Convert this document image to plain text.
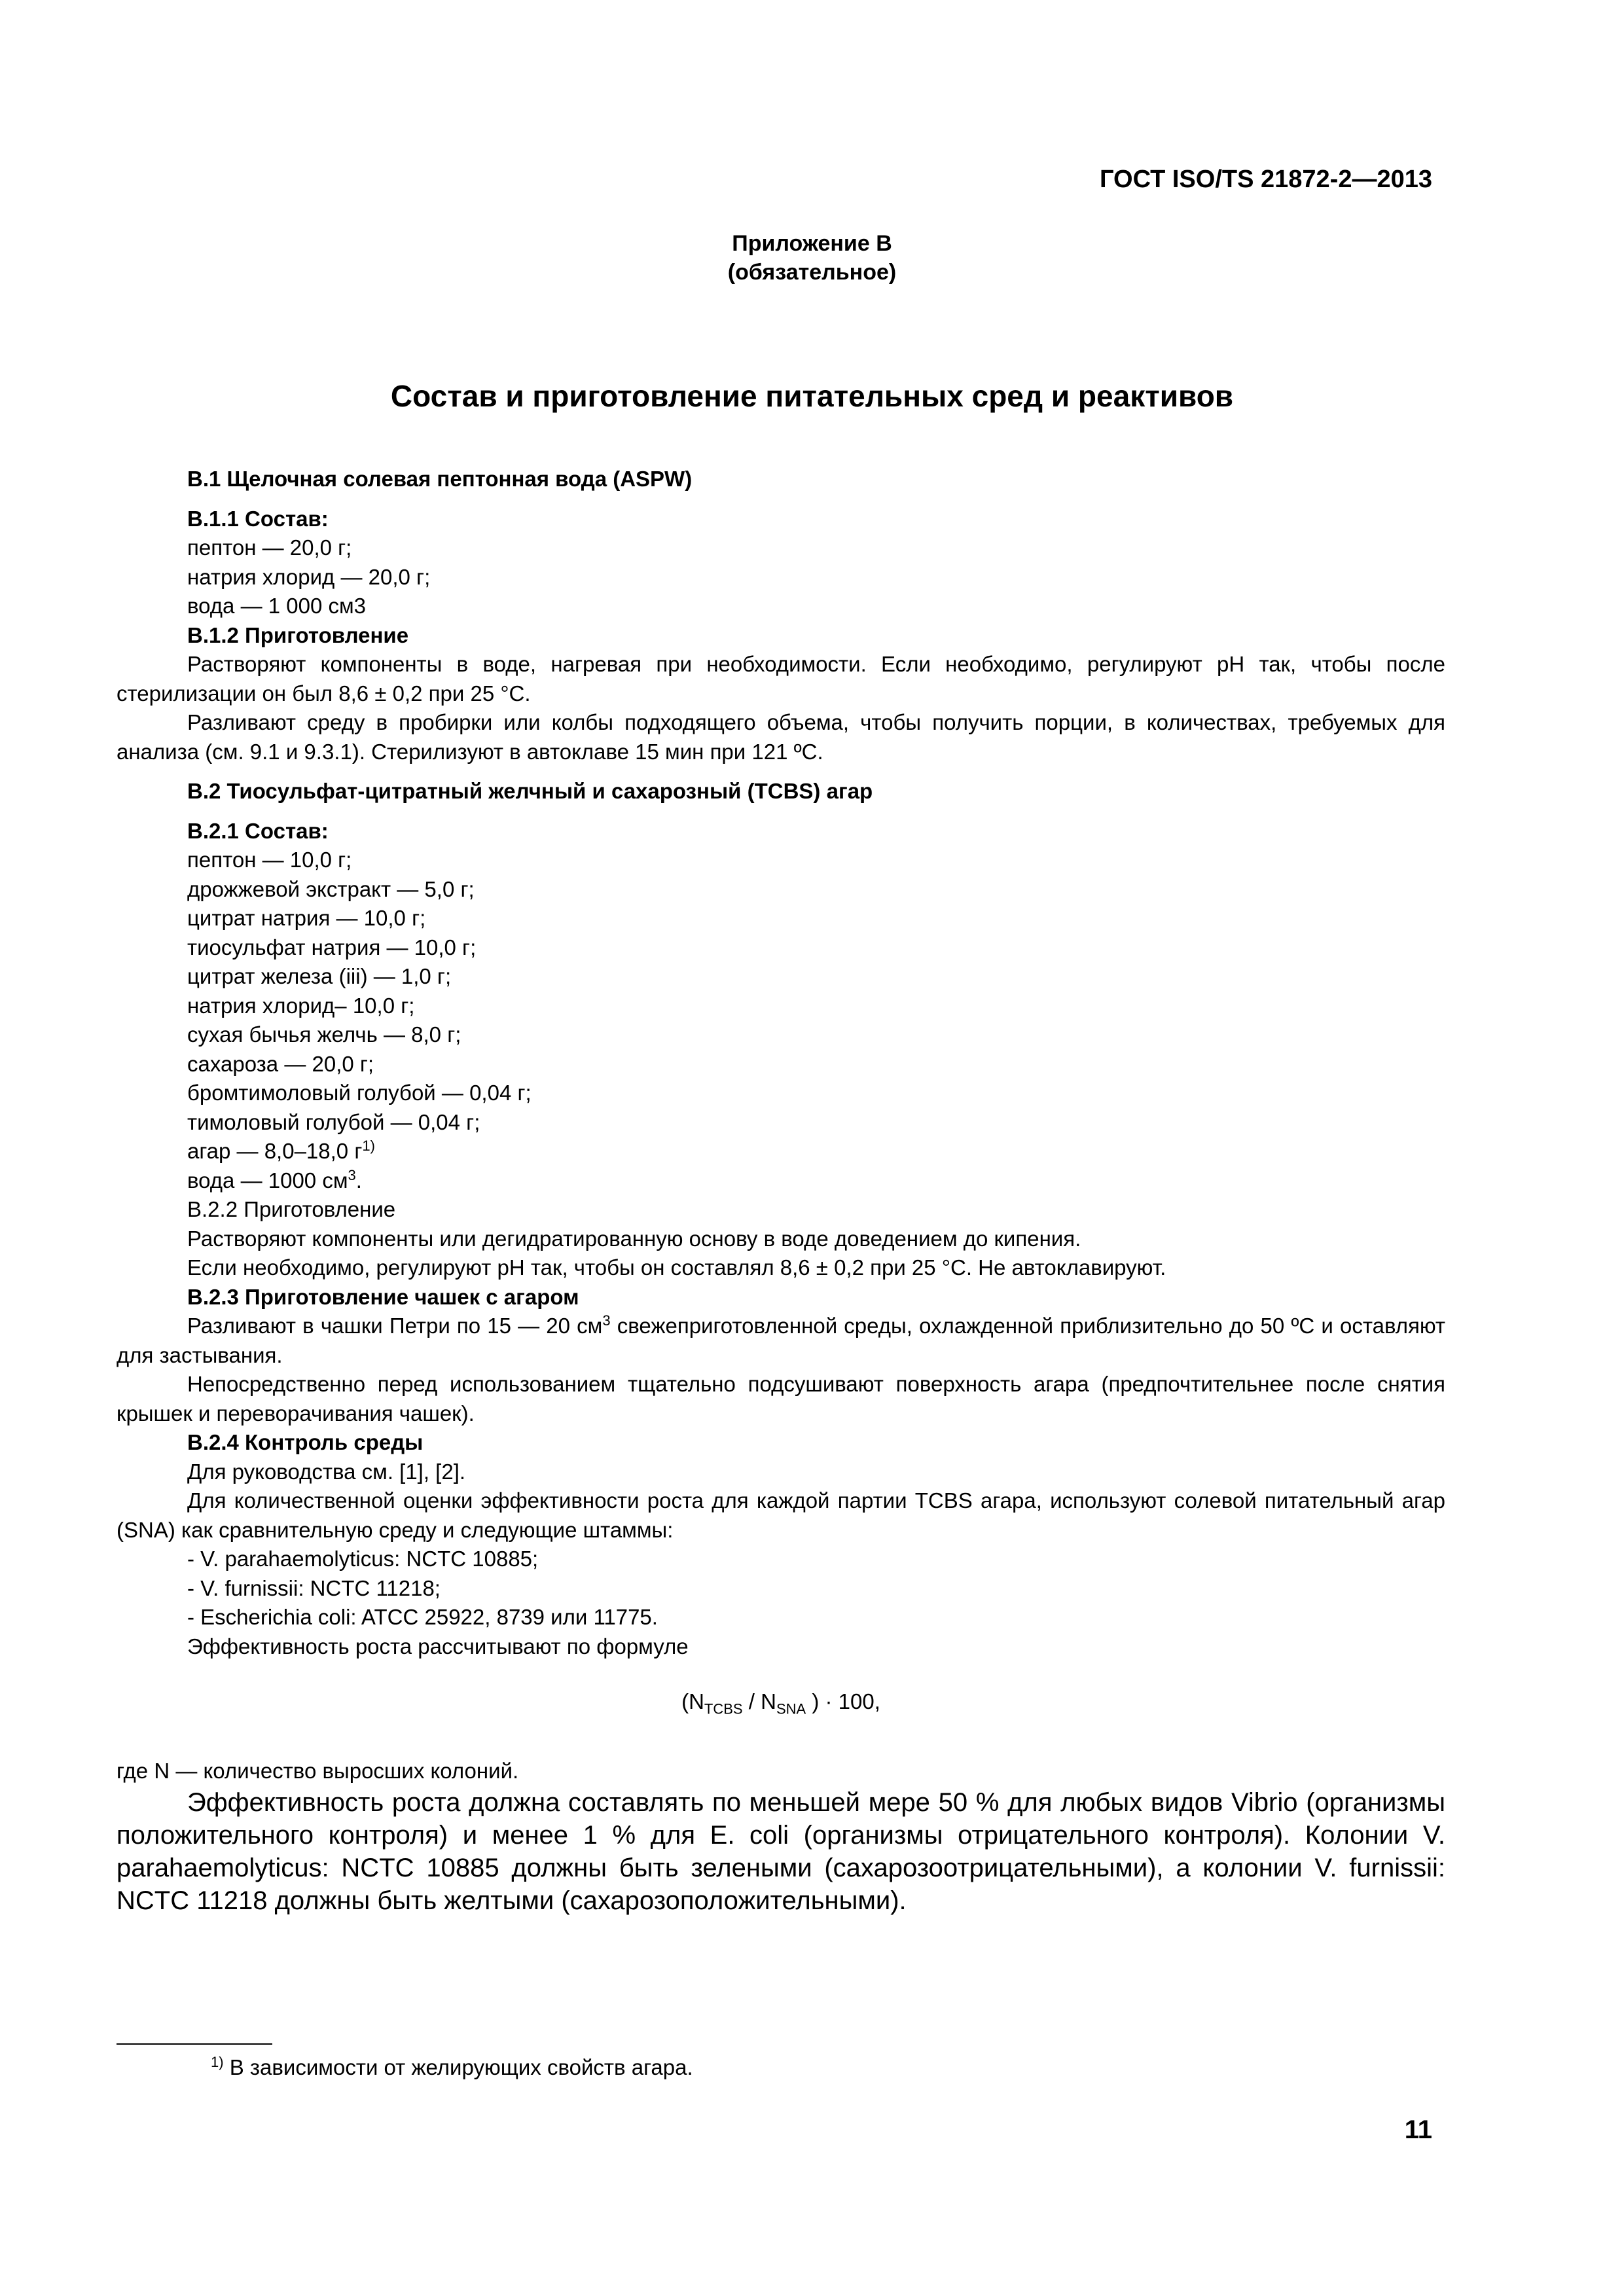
ГОСТ ISO/TS 21872-2—2013
Приложение В
(обязательное)
Состав и приготовление питательных сред и реактивов

В.1 Щелочная солевая пептонная вода (ASPW)

В.1.1 Состав:

пептон — 20,0 г;

натрия хлорид — 20,0 г;

вода — 1 000 см3

В.1.2 Приготовление

Растворяют компоненты в воде, нагревая при необходимости. Если необходимо, регулируют pH так, чтобы после стерилизации он был 8,6 ± 0,2 при 25 °C.

Разливают среду в пробирки или колбы подходящего объема, чтобы получить порции, в количествах, требуемых для анализа (см. 9.1 и 9.3.1). Стерилизуют в автоклаве 15 мин при 121 ºС.

В.2 Тиосульфат-цитратный желчный и сахарозный (TCBS) агар

В.2.1 Состав:

пептон — 10,0 г;

дрожжевой экстракт — 5,0 г;

цитрат натрия — 10,0 г;

тиосульфат натрия — 10,0 г;

цитрат железа (iii) — 1,0 г;

натрия хлорид– 10,0 г;

сухая бычья желчь — 8,0 г;

сахароза — 20,0 г;

бромтимоловый голубой — 0,04 г;

тимоловый голубой — 0,04 г;

агар — 8,0–18,0 $г^{1)}$

вода — 1000 $см^3$.

В.2.2 Приготовление

Растворяют компоненты или дегидратированную основу в воде доведением до кипения.

Если необходимо, регулируют pH так, чтобы он составлял 8,6 ± 0,2 при 25 °С. Не автоклавируют.

В.2.3 Приготовление чашек с агаром

Разливают в чашки Петри по 15 — 20 $см^3$ свежеприготовленной среды, охлажденной приблизительно до 50 ºС и оставляют для застывания.

Непосредственно перед использованием тщательно подсушивают поверхность агара (предпочтительнее после снятия крышек и переворачивания чашек).

В.2.4 Контроль среды

Для руководства см. [1], [2].

Для количественной оценки эффективности роста для каждой партии TCBS агара, используют солевой питательный агар (SNA) как сравнительную среду и следующие штаммы:

- V. parahaemolyticus: NCTC 10885;

- V. furnissii: NCTC 11218;

- Escherichia coli: ATCC 25922, 8739 или 11775.

Эффективность роста рассчитывают по формуле

($N_{TCBS} / N_{SNA}$ ) · 100,

где N — количество выросших колоний.

Эффективность роста должна составлять по меньшей мере 50 % для любых видов Vibrio (организмы положительного контроля) и менее 1 % для E. coli (организмы отрицательного контроля). Колонии V. parahaemolyticus: NCTC 10885 должны быть зелеными (сахарозоотрицательными), а колонии V. furnissii: NCTC 11218 должны быть желтыми (сахарозоположительными).

$^{1)}$ В зависимости от желирующих свойств агара.
11
